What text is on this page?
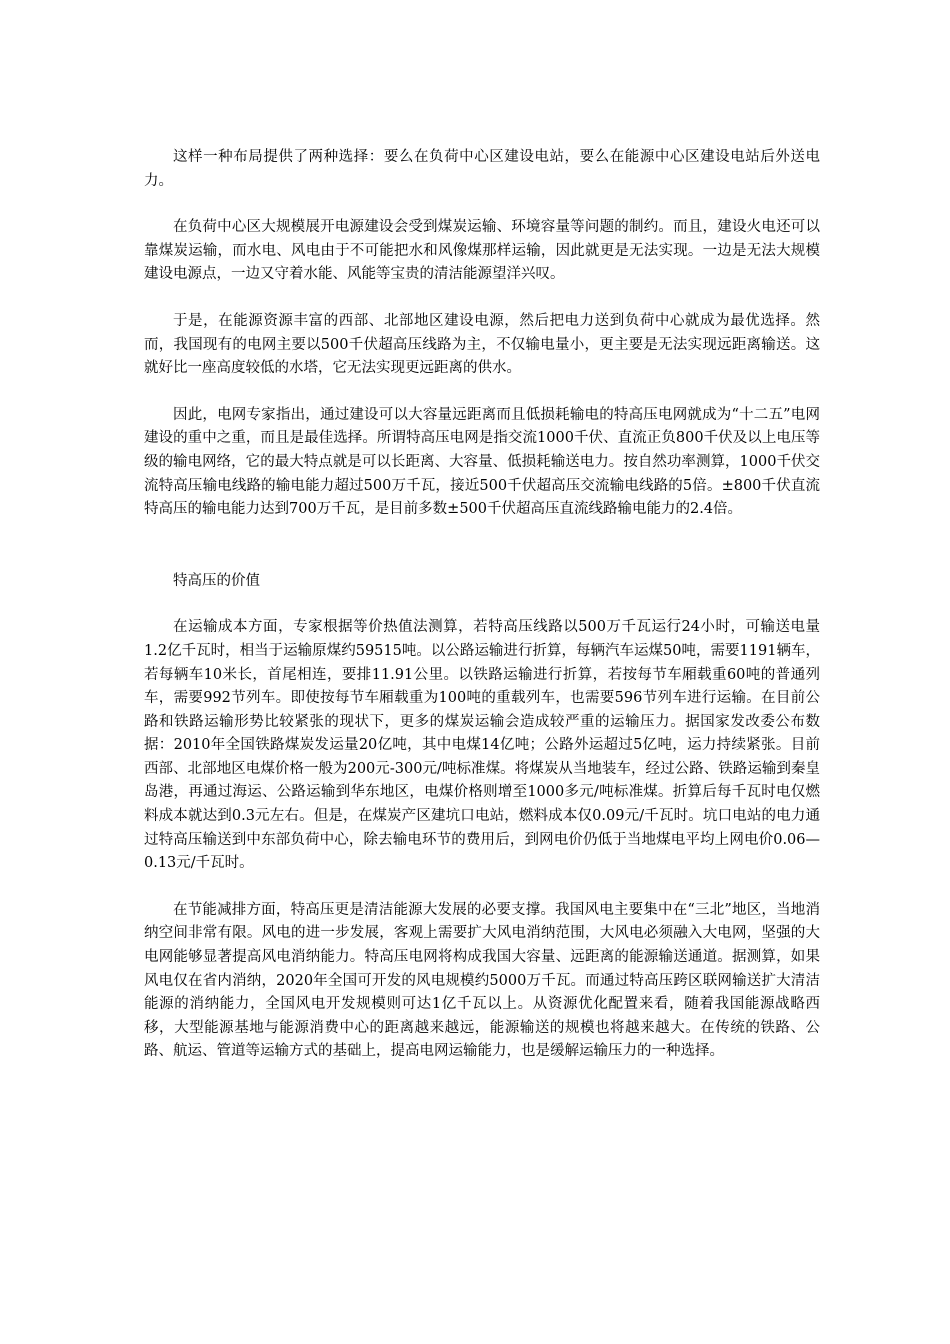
这样一种布局提供了两种选择：要么在负荷中心区建设电站，要么在能源中心区建设电站后外送电力。

在负荷中心区大规模展开电源建设会受到煤炭运输、环境容量等问题的制约。而且，建设火电还可以靠煤炭运输，而水电、风电由于不可能把水和风像煤那样运输，因此就更是无法实现。一边是无法大规模建设电源点，一边又守着水能、风能等宝贵的清洁能源望洋兴叹。

于是，在能源资源丰富的西部、北部地区建设电源，然后把电力送到负荷中心就成为最优选择。然而，我国现有的电网主要以500千伏超高压线路为主，不仅输电量小，更主要是无法实现远距离输送。这就好比一座高度较低的水塔，它无法实现更远距离的供水。

因此，电网专家指出，通过建设可以大容量远距离而且低损耗输电的特高压电网就成为“十二五”电网建设的重中之重，而且是最佳选择。所谓特高压电网是指交流1000千伏、直流正负800千伏及以上电压等级的输电网络，它的最大特点就是可以长距离、大容量、低损耗输送电力。按自然功率测算，1000千伏交流特高压输电线路的输电能力超过500万千瓦，接近500千伏超高压交流输电线路的5倍。±800千伏直流特高压的输电能力达到700万千瓦，是目前多数±500千伏超高压直流线路输电能力的2.4倍。

特高压的价值

在运输成本方面，专家根据等价热值法测算，若特高压线路以500万千瓦运行24小时，可输送电量1.2亿千瓦时，相当于运输原煤约59515吨。以公路运输进行折算，每辆汽车运煤50吨，需要1191辆车，若每辆车10米长，首尾相连，要排11.91公里。以铁路运输进行折算，若按每节车厢载重60吨的普通列车，需要992节列车。即使按每节车厢载重为100吨的重载列车，也需要596节列车进行运输。在目前公路和铁路运输形势比较紧张的现状下，更多的煤炭运输会造成较严重的运输压力。据国家发改委公布数据：2010年全国铁路煤炭发运量20亿吨，其中电煤14亿吨；公路外运超过5亿吨，运力持续紧张。目前西部、北部地区电煤价格一般为200元-300元/吨标准煤。将煤炭从当地装车，经过公路、铁路运输到秦皇岛港，再通过海运、公路运输到华东地区，电煤价格则增至1000多元/吨标准煤。折算后每千瓦时电仅燃料成本就达到0.3元左右。但是，在煤炭产区建坑口电站，燃料成本仅0.09元/千瓦时。坑口电站的电力通过特高压输送到中东部负荷中心，除去输电环节的费用后，到网电价仍低于当地煤电平均上网电价0.06—0.13元/千瓦时。

在节能减排方面，特高压更是清洁能源大发展的必要支撑。我国风电主要集中在“三北”地区，当地消纳空间非常有限。风电的进一步发展，客观上需要扩大风电消纳范围，大风电必须融入大电网，坚强的大电网能够显著提高风电消纳能力。特高压电网将构成我国大容量、远距离的能源输送通道。据测算，如果风电仅在省内消纳，2020年全国可开发的风电规模约5000万千瓦。而通过特高压跨区联网输送扩大清洁能源的消纳能力，全国风电开发规模则可达1亿千瓦以上。从资源优化配置来看，随着我国能源战略西移，大型能源基地与能源消费中心的距离越来越远，能源输送的规模也将越来越大。在传统的铁路、公路、航运、管道等运输方式的基础上，提高电网运输能力，也是缓解运输压力的一种选择。
